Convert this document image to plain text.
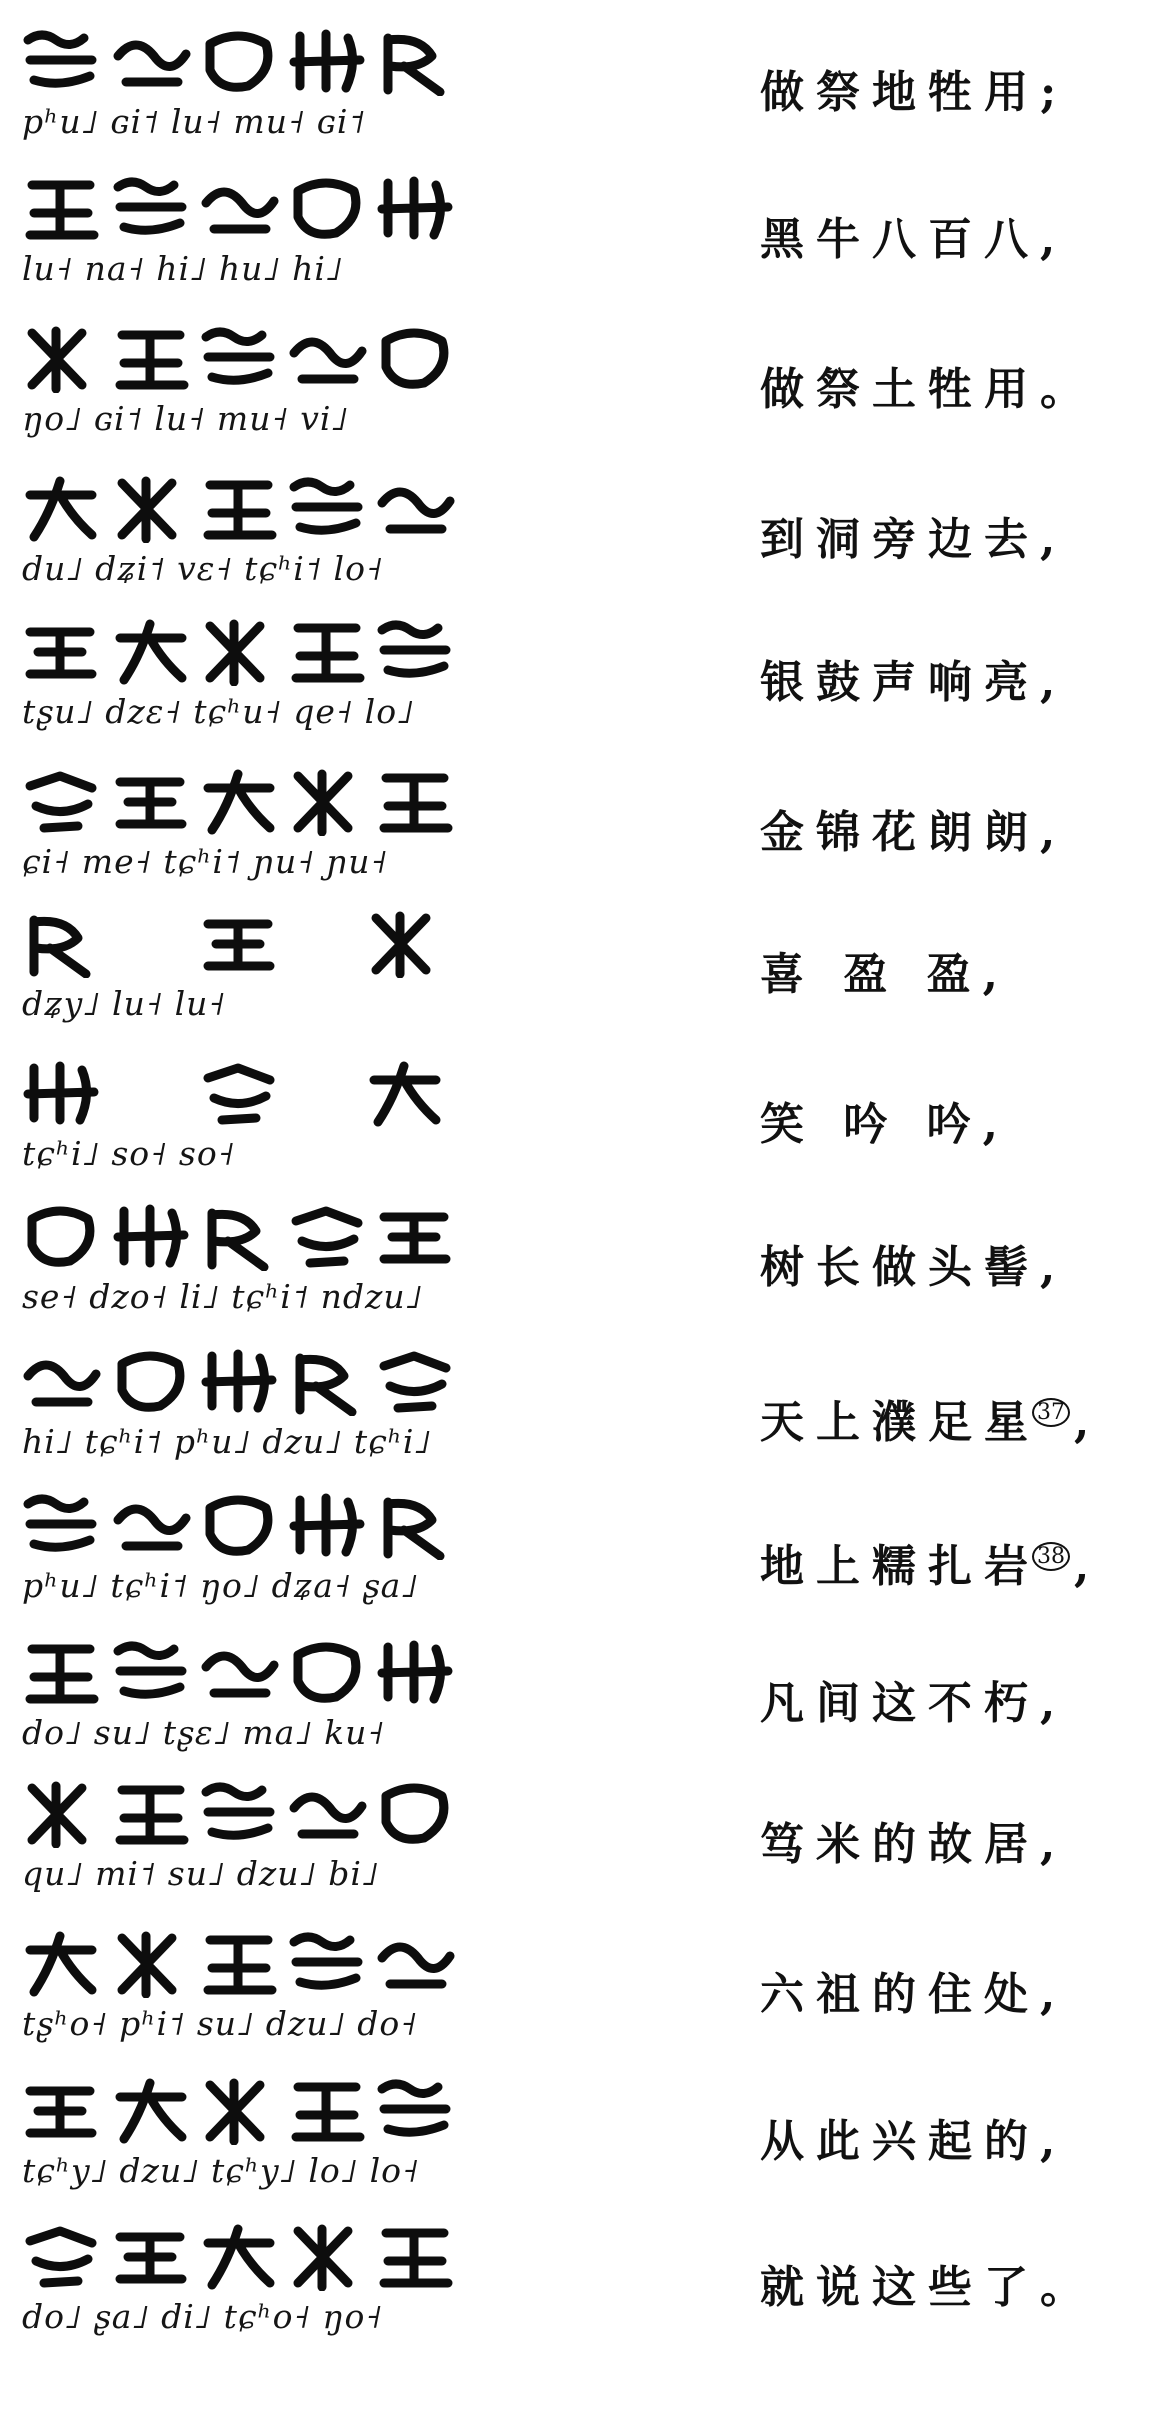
pʰu˩ ɢi˦ lu˧ mu˧ ɢi˦
做祭地牲用;
lu˧ na˧ hi˩ hu˩ hi˩
黑牛八百八,
ŋo˩ ɢi˦ lu˧ mu˧ vi˩
做祭土牲用。
du˩ dʑi˦ vɛ˧ tɕʰi˦ lo˧
到洞旁边去,
tʂu˩ dzɛ˧ tɕʰu˧ qe˧ lo˩
银鼓声响亮,
ɕi˧ me˧ tɕʰi˦ ɲu˧ ɲu˧
金锦花朗朗,
dʑy˩ lu˧ lu˧
喜 盈 盈,
tɕʰi˩ so˧ so˧
笑 吟 吟,
se˧ dzo˧ li˩ tɕʰi˦ ndzu˩
树长做头髻,
hi˩ tɕʰi˦ pʰu˩ dzu˩ tɕʰi˩	天上濮足星$^{37}$ ,
pʰu˩ tɕʰi˦ ŋo˩ dʑa˧ ʂa˩	地上糯扎岩$^{38}$ ,
do˩ su˩ tʂɛ˩ ma˩ ku˧
凡间这不朽,
qu˩ mi˦ su˩ dzu˩ bi˩
笃米的故居,
tʂʰo˧ pʰi˦ su˩ dzu˩ do˧
六祖的住处,
tɕʰy˩ dzu˩ tɕʰy˩ lo˩ lo˧
从此兴起的,
do˩ ʂa˩ di˩ tɕʰo˧ ŋo˧
就说这些了。
